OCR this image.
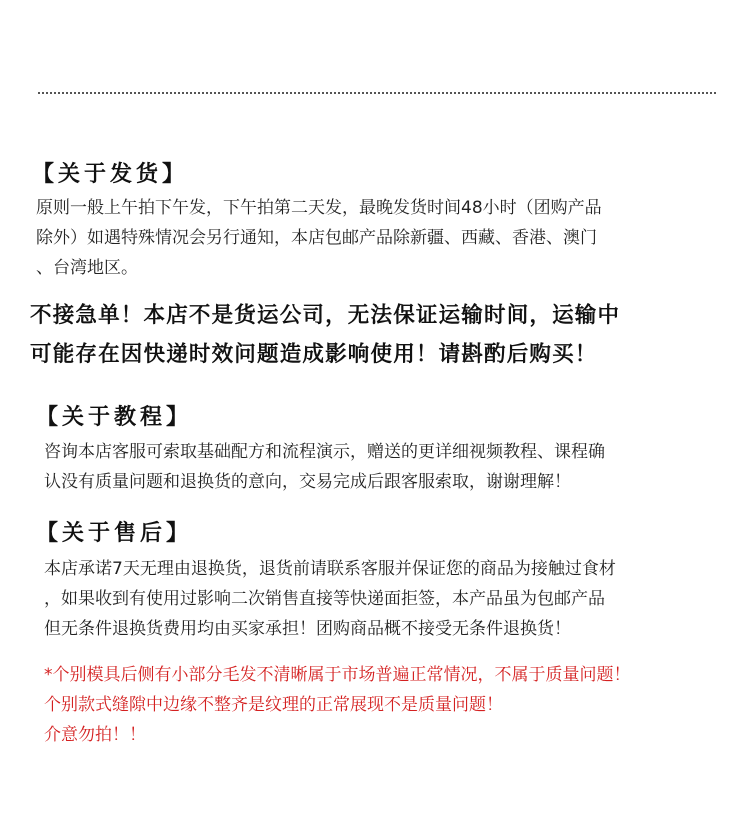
【关于发货】
原则一般上午拍下午发，下午拍第二天发，最晚发货时间48小时（团购产品
除外）如遇特殊情况会另行通知，本店包邮产品除新疆、西藏、香港、澳门
、台湾地区。
不接急单！本店不是货运公司，无法保证运输时间，运输中
可能存在因快递时效问题造成影响使用！请斟酌后购买！
【关于教程】
咨询本店客服可索取基础配方和流程演示，赠送的更详细视频教程、课程确
认没有质量问题和退换货的意向，交易完成后跟客服索取，谢谢理解！
【关于售后】
本店承诺7天无理由退换货，退货前请联系客服并保证您的商品为接触过食材
，如果收到有使用过影响二次销售直接等快递面拒签，本产品虽为包邮产品
但无条件退换货费用均由买家承担！团购商品概不接受无条件退换货！
*个别模具后侧有小部分毛发不清晰属于市场普遍正常情况，不属于质量问题！
个别款式缝隙中边缘不整齐是纹理的正常展现不是质量问题！
介意勿拍！！
